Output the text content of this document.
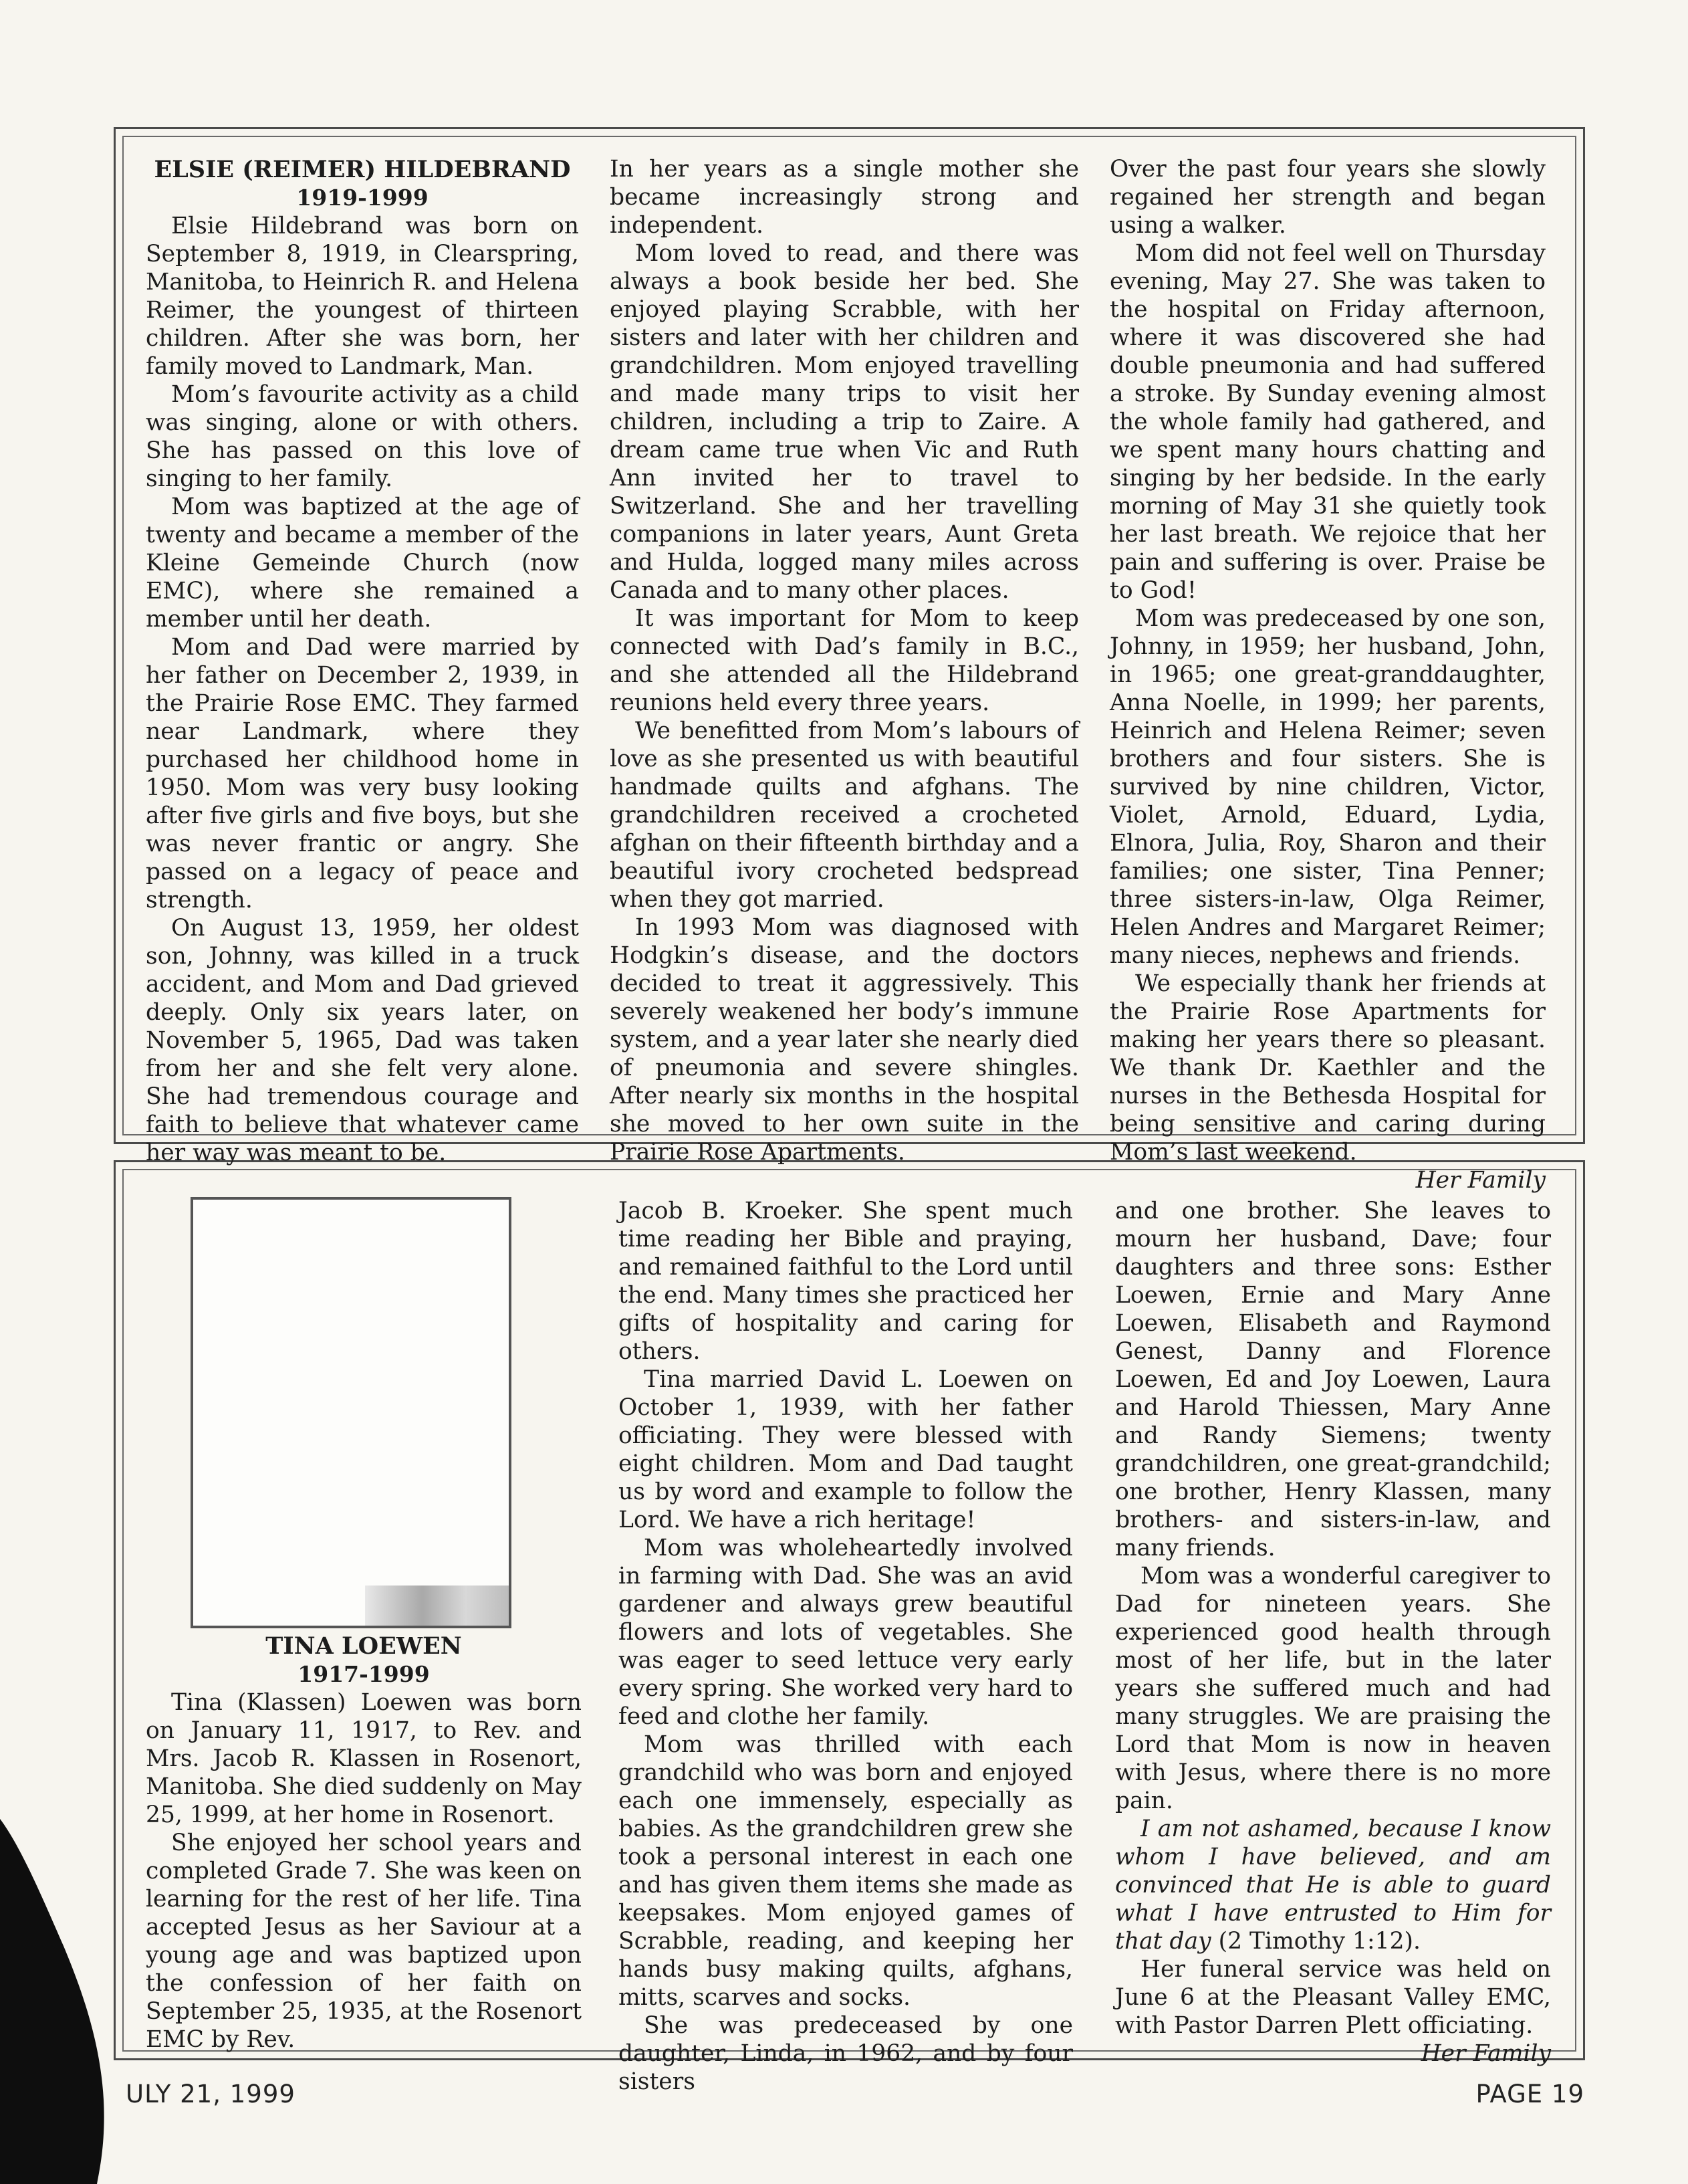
ELSIE (REIMER) HILDEBRAND
1919-1999

Elsie Hildebrand was born on September 8, 1919, in Clearspring, Manitoba, to Heinrich R. and Helena Reimer, the youngest of thirteen children. After she was born, her family moved to Landmark, Man.

Mom’s favourite activity as a child was singing, alone or with others. She has passed on this love of singing to her family.

Mom was baptized at the age of twenty and became a member of the Kleine Gemeinde Church (now EMC), where she remained a member until her death.

Mom and Dad were married by her father on December 2, 1939, in the Prairie Rose EMC. They farmed near Landmark, where they purchased her childhood home in 1950. Mom was very busy looking after five girls and five boys, but she was never frantic or angry. She passed on a legacy of peace and strength.

On August 13, 1959, her oldest son, Johnny, was killed in a truck accident, and Mom and Dad grieved deeply. Only six years later, on November 5, 1965, Dad was taken from her and she felt very alone. She had tremendous courage and faith to believe that whatever came her way was meant to be.

In her years as a single mother she became increasingly strong and independent.

Mom loved to read, and there was always a book beside her bed. She enjoyed playing Scrabble, with her sisters and later with her children and grandchildren. Mom enjoyed travelling and made many trips to visit her children, including a trip to Zaire. A dream came true when Vic and Ruth Ann invited her to travel to Switzerland. She and her travelling companions in later years, Aunt Greta and Hulda, logged many miles across Canada and to many other places.

It was important for Mom to keep connected with Dad’s family in B.C., and she attended all the Hildebrand reunions held every three years.

We benefitted from Mom’s labours of love as she presented us with beautiful handmade quilts and afghans. The grandchildren received a crocheted afghan on their fifteenth birthday and a beautiful ivory crocheted bedspread when they got married.

In 1993 Mom was diagnosed with Hodgkin’s disease, and the doctors decided to treat it aggressively. This severely weakened her body’s immune system, and a year later she nearly died of pneumonia and severe shingles. After nearly six months in the hospital she moved to her own suite in the Prairie Rose Apartments.

Over the past four years she slowly regained her strength and began using a walker.

Mom did not feel well on Thursday evening, May 27. She was taken to the hospital on Friday afternoon, where it was discovered she had double pneumonia and had suffered a stroke. By Sunday evening almost the whole family had gathered, and we spent many hours chatting and singing by her bedside. In the early morning of May 31 she quietly took her last breath. We rejoice that her pain and suffering is over. Praise be to God!

Mom was predeceased by one son, Johnny, in 1959; her husband, John, in 1965; one great-granddaughter, Anna Noelle, in 1999; her parents, Heinrich and Helena Reimer; seven brothers and four sisters. She is survived by nine children, Victor, Violet, Arnold, Eduard, Lydia, Elnora, Julia, Roy, Sharon and their families; one sister, Tina Penner; three sisters-in-law, Olga Reimer, Helen Andres and Margaret Reimer; many nieces, nephews and friends.

We especially thank her friends at the Prairie Rose Apartments for making her years there so pleasant. We thank Dr. Kaethler and the nurses in the Bethesda Hospital for being sensitive and caring during Mom’s last weekend.

Her Family
TINA LOEWEN
1917-1999

Tina (Klassen) Loewen was born on January 11, 1917, to Rev. and Mrs. Jacob R. Klassen in Rosenort, Manitoba. She died suddenly on May 25, 1999, at her home in Rosenort.

She enjoyed her school years and completed Grade 7. She was keen on learning for the rest of her life. Tina accepted Jesus as her Saviour at a young age and was baptized upon the confession of her faith on September 25, 1935, at the Rosenort EMC by Rev.

Jacob B. Kroeker. She spent much time reading her Bible and praying, and remained faithful to the Lord until the end. Many times she practiced her gifts of hospitality and caring for others.

Tina married David L. Loewen on October 1, 1939, with her father officiating. They were blessed with eight children. Mom and Dad taught us by word and example to follow the Lord. We have a rich heritage!

Mom was wholeheartedly involved in farming with Dad. She was an avid gardener and always grew beautiful flowers and lots of vegetables. She was eager to seed lettuce very early every spring. She worked very hard to feed and clothe her family.

Mom was thrilled with each grandchild who was born and enjoyed each one immensely, especially as babies. As the grandchildren grew she took a personal interest in each one and has given them items she made as keepsakes. Mom enjoyed games of Scrabble, reading, and keeping her hands busy making quilts, afghans, mitts, scarves and socks.

She was predeceased by one daughter, Linda, in 1962, and by four sisters

and one brother. She leaves to mourn her husband, Dave; four daughters and three sons: Esther Loewen, Ernie and Mary Anne Loewen, Elisabeth and Raymond Genest, Danny and Florence Loewen, Ed and Joy Loewen, Laura and Harold Thiessen, Mary Anne and Randy Siemens; twenty grandchildren, one great-grandchild; one brother, Henry Klassen, many brothers- and sisters-in-law, and many friends.

Mom was a wonderful caregiver to Dad for nineteen years. She experienced good health through most of her life, but in the later years she suffered much and had many struggles. We are praising the Lord that Mom is now in heaven with Jesus, where there is no more pain.

I am not ashamed, because I know whom I have believed, and am convinced that He is able to guard what I have entrusted to Him for that day (2 Timothy 1:12).

Her funeral service was held on June 6 at the Pleasant Valley EMC, with Pastor Darren Plett officiating.

Her Family
ULY 21, 1999	PAGE 19
